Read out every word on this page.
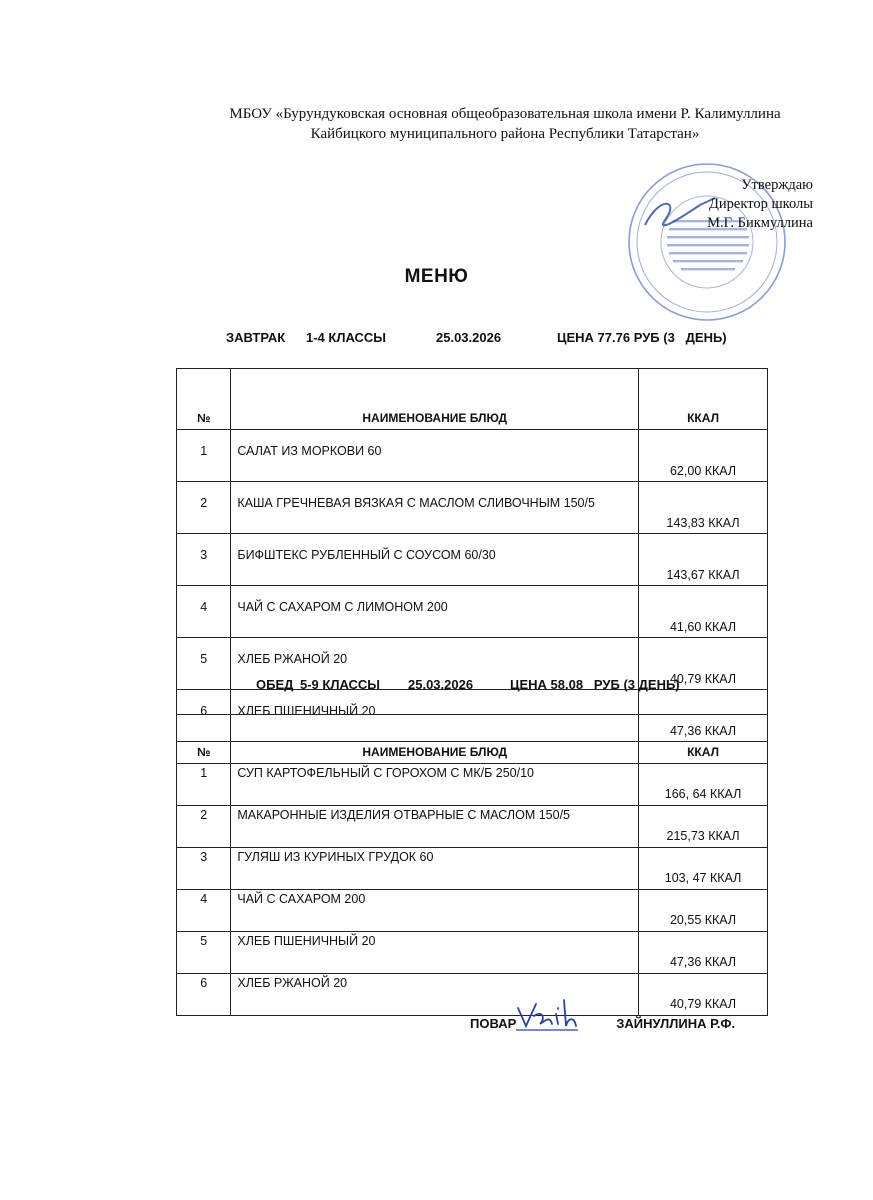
МБОУ «Бурундуковская основная общеобразовательная школа имени Р. Калимуллина
Кайбицкого муниципального района Республики Татарстан»
Утверждаю
Директор школы
М.Г. Бикмуллина
МЕНЮ
ЗАВТРАК 1-4 КЛАССЫ	25.03.2026	ЦЕНА 77.76 РУБ (3   ДЕНЬ)
№	НАИМЕНОВАНИЕ БЛЮД	ККАЛ
1	САЛАТ ИЗ МОРКОВИ 60	62,00 ККАЛ
2	КАША ГРЕЧНЕВАЯ ВЯЗКАЯ С МАСЛОМ СЛИВОЧНЫМ 150/5	143,83 ККАЛ
3	БИФШТЕКС РУБЛЕННЫЙ С СОУСОМ 60/30	143,67 ККАЛ
4	ЧАЙ С САХАРОМ С ЛИМОНОМ 200	41,60 ККАЛ
5	ХЛЕБ РЖАНОЙ 20	40,79 ККАЛ
6	ХЛЕБ ПШЕНИЧНЫЙ 20	47,36 ККАЛ
ОБЕД 5-9 КЛАССЫ 25.03.2026	ЦЕНА 58.08   РУБ (3 ДЕНЬ)
№	НАИМЕНОВАНИЕ БЛЮД	ККАЛ
1	СУП КАРТОФЕЛЬНЫЙ С ГОРОХОМ С МК/Б 250/10	166, 64 ККАЛ
2	МАКАРОННЫЕ ИЗДЕЛИЯ ОТВАРНЫЕ С МАСЛОМ 150/5	215,73 ККАЛ
3	ГУЛЯШ ИЗ КУРИНЫХ ГРУДОК 60	103, 47 ККАЛ
4	ЧАЙ С САХАРОМ 200	20,55 ККАЛ
5	ХЛЕБ ПШЕНИЧНЫЙ 20	47,36 ККАЛ
6	ХЛЕБ РЖАНОЙ 20	40,79 ККАЛ
ПОВАР	ЗАЙНУЛЛИНА Р.Ф.
